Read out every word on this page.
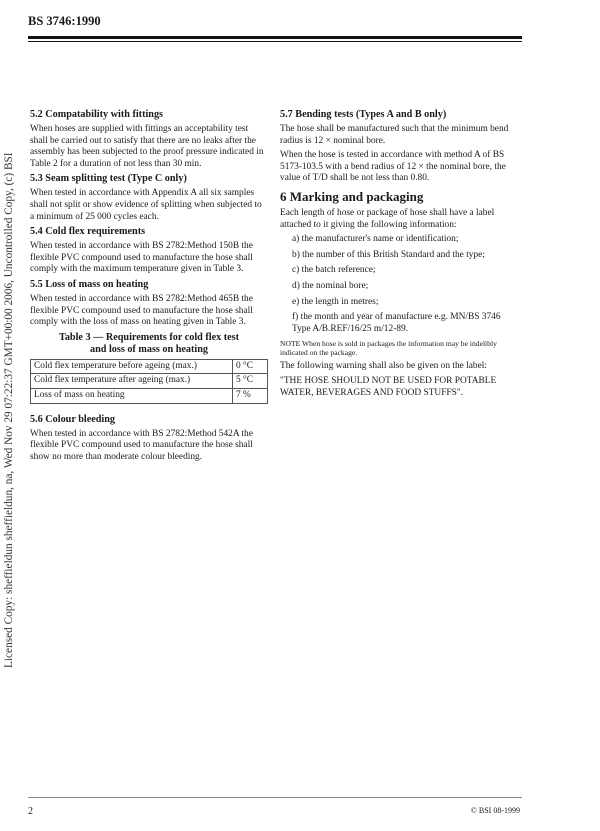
BS 3746:1990
Licensed Copy: sheffieldun sheffieldun, na, Wed Nov 29 07:22:37 GMT+00:00 2006, Uncontrolled Copy, (c) BSI
5.2 Compatability with fittings

When hoses are supplied with fittings an acceptability test shall be carried out to satisfy that there are no leaks after the assembly has been subjected to the proof pressure indicated in Table 2 for a duration of not less than 30 min.

5.3 Seam splitting test (Type C only)

When tested in accordance with Appendix A all six samples shall not split or show evidence of splitting when subjected to a minimum of 25 000 cycles each.

5.4 Cold flex requirements

When tested in accordance with BS 2782:Method 150B the flexible PVC compound used to manufacture the hose shall comply with the maximum temperature given in Table 3.

5.5 Loss of mass on heating

When tested in accordance with BS 2782:Method 465B the flexible PVC compound used to manufacture the hose shall comply with the loss of mass on heating given in Table 3.

Table 3 — Requirements for cold flex test
and loss of mass on heating
Cold flex temperature before ageing (max.)	0 °C
Cold flex temperature after ageing (max.)	5 °C
Loss of mass on heating	7 %
5.6 Colour bleeding

When tested in accordance with BS 2782:Method 542A the flexible PVC compound used to manufacture the hose shall show no more than moderate colour bleeding.

5.7 Bending tests (Types A and B only)

The hose shall be manufactured such that the minimum bend radius is 12 × nominal bore.

When the hose is tested in accordance with method A of BS 5173-103.5 with a bend radius of 12 × the nominal bore, the value of T/D shall be not less than 0.80.

6 Marking and packaging

Each length of hose or package of hose shall have a label attached to it giving the following information:

a) the manufacturer's name or identification;
b) the number of this British Standard and the type;
c) the batch reference;
d) the nominal bore;
e) the length in metres;
f) the month and year of manufacture e.g. MN/BS 3746 Type A/B.REF/16/25 m/12-89.

NOTE When hose is sold in packages the information may be indelibly indicated on the package.

The following warning shall also be given on the label:

"THE HOSE SHOULD NOT BE USED FOR POTABLE WATER, BEVERAGES AND FOOD STUFFS".

2	© BSI 08-1999
